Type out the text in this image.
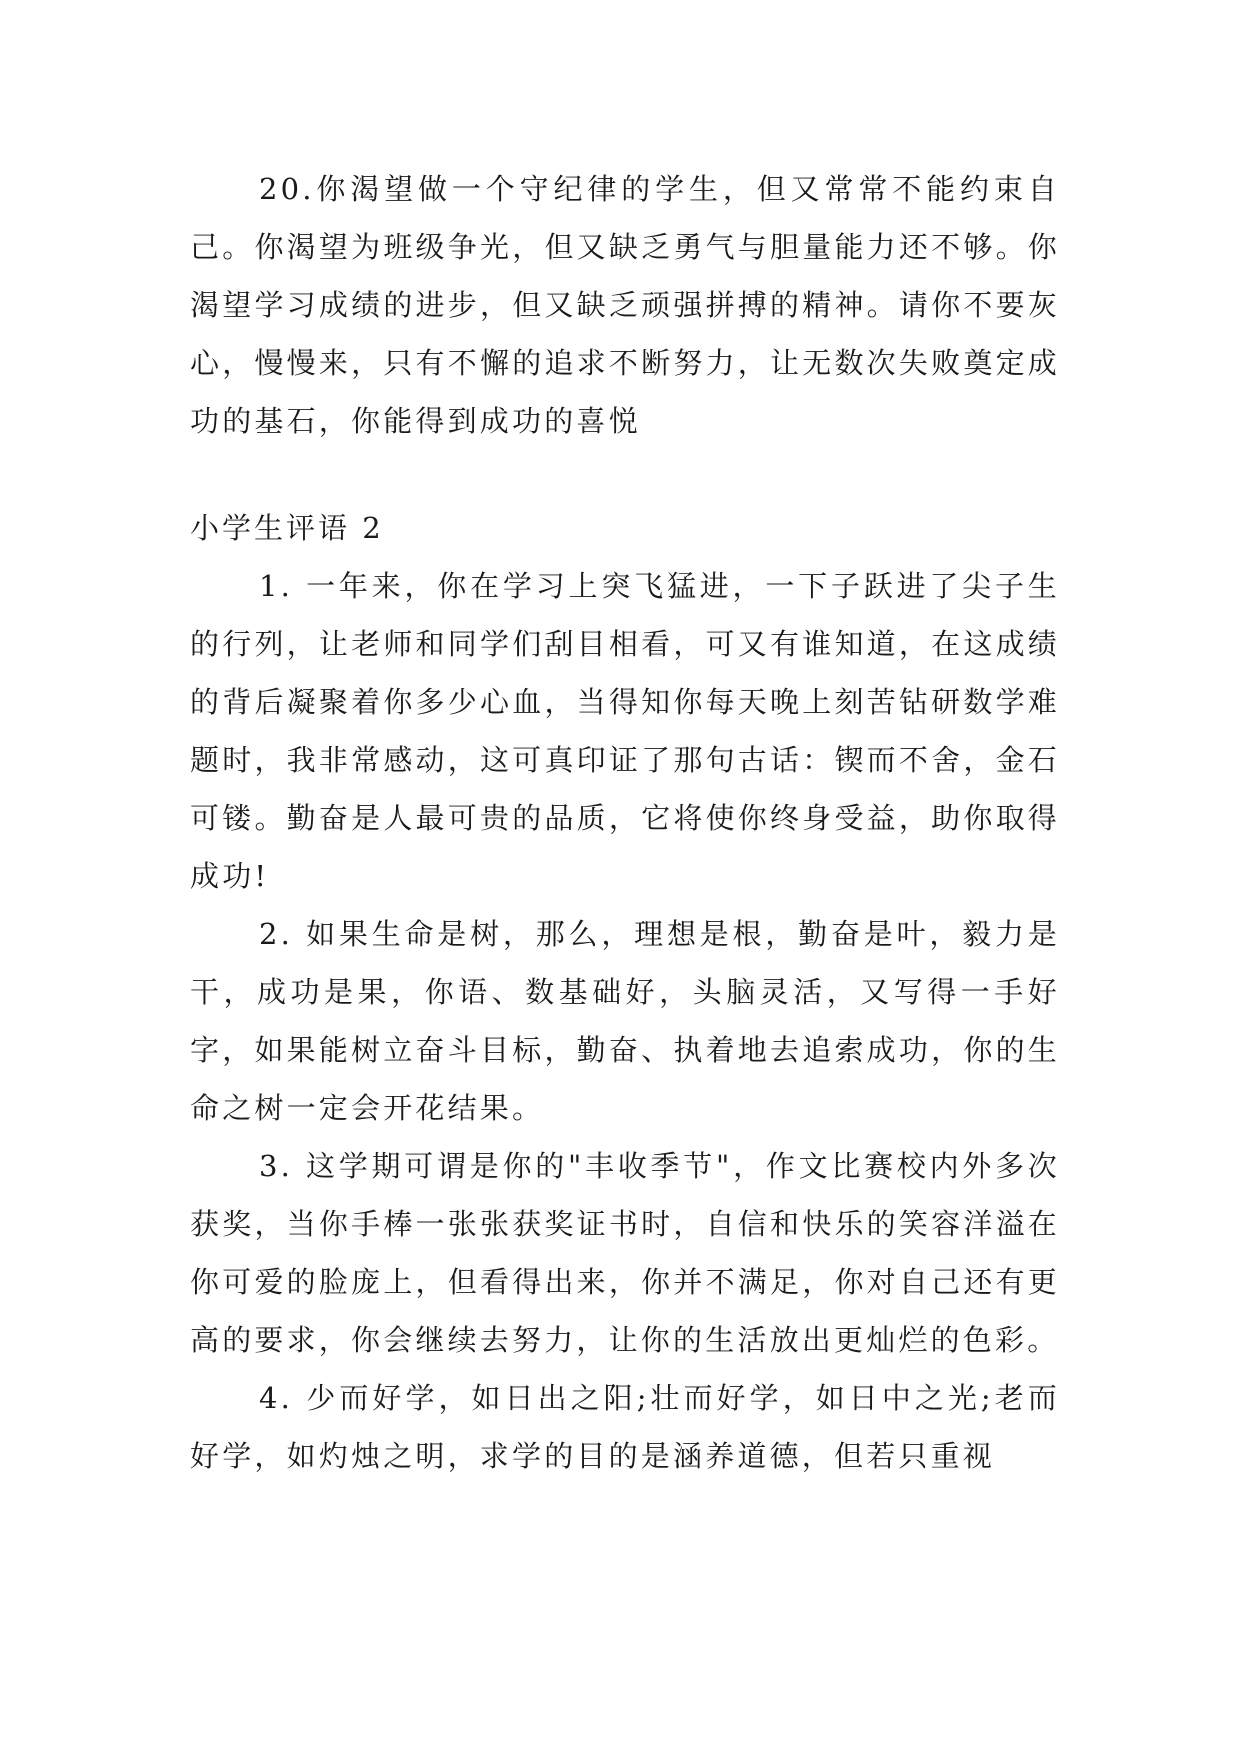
20.你渴望做一个守纪律的学生，但又常常不能约束自己。你渴望为班级争光，但又缺乏勇气与胆量能力还不够。你渴望学习成绩的进步，但又缺乏顽强拼搏的精神。请你不要灰心，慢慢来，只有不懈的追求不断努力，让无数次失败奠定成功的基石，你能得到成功的喜悦

小学生评语 2

1. 一年来，你在学习上突飞猛进，一下子跃进了尖子生的行列，让老师和同学们刮目相看，可又有谁知道，在这成绩的背后凝聚着你多少心血，当得知你每天晚上刻苦钻研数学难题时，我非常感动，这可真印证了那句古话：锲而不舍，金石可镂。勤奋是人最可贵的品质，它将使你终身受益，助你取得成功!

2. 如果生命是树，那么，理想是根，勤奋是叶，毅力是干，成功是果，你语、数基础好，头脑灵活，又写得一手好字，如果能树立奋斗目标，勤奋、执着地去追索成功，你的生命之树一定会开花结果。

3. 这学期可谓是你的"丰收季节"，作文比赛校内外多次获奖，当你手棒一张张获奖证书时，自信和快乐的笑容洋溢在你可爱的脸庞上，但看得出来，你并不满足，你对自己还有更高的要求，你会继续去努力，让你的生活放出更灿烂的色彩。

4. 少而好学，如日出之阳;壮而好学，如日中之光;老而好学，如灼烛之明，求学的目的是涵养道德，但若只重视
